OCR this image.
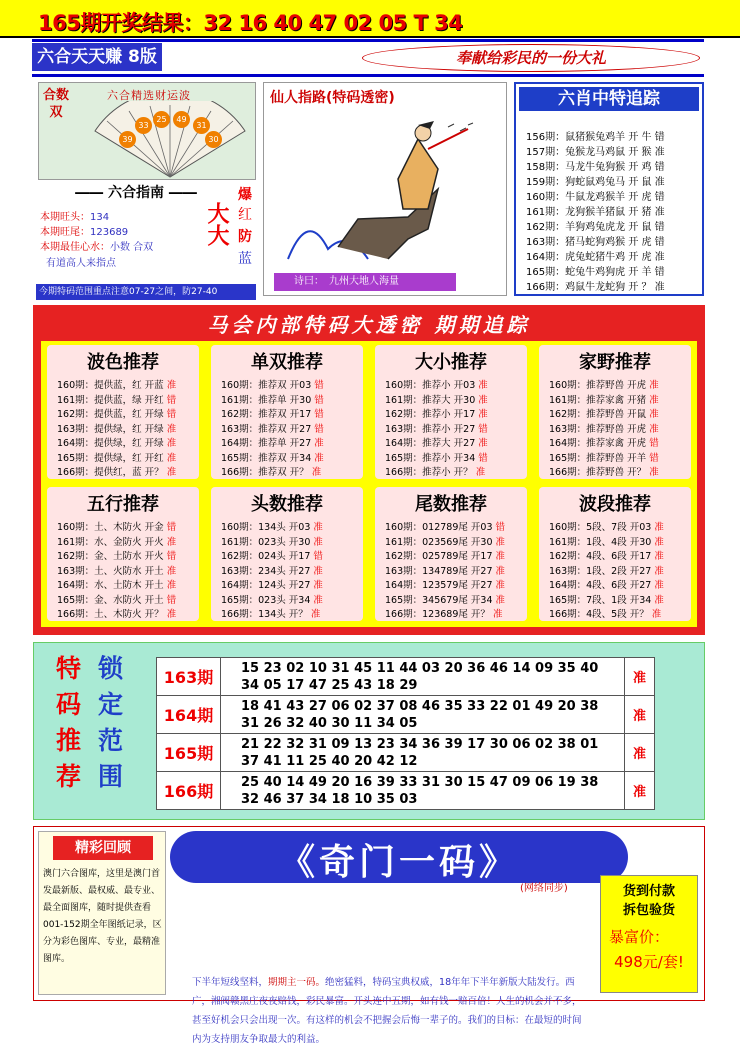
165期开奖结果：32 16 40 47 02 05 T 34
六合天天赚 8版	奉献给彩民的一份大礼
合数双
六合精选财运波
33
25	49
31
39	30
―― 六合指南 ――
本期旺头：134
本期旺尾：123689
本期最佳心水：小数 合双
有道高人来指点
大大
爆
红
防
蓝
今期特码范围重点注意07-27之间，防27-40
仙人指路(特码透密)
诗曰：　 九州大地人海量
六肖中特追踪
156期：鼠猪猴兔鸡羊 开 牛 错
157期：兔猴龙马鸡鼠 开 猴 准
158期：马龙牛兔狗猴 开 鸡 错
159期：狗蛇鼠鸡兔马 开 鼠 准
160期：牛鼠龙鸡猴羊 开 虎 错
161期：龙狗猴羊猪鼠 开 猪 准
162期：羊狗鸡兔虎龙 开 鼠 错
163期：猪马蛇狗鸡猴 开 虎 错
164期：虎兔蛇猪牛鸡 开 虎 准
165期：蛇兔牛鸡狗虎 开 羊 错
166期：鸡鼠牛龙蛇狗 开 ？ 准
马会内部特码大透密 期期追踪
波色推荐
160期：提供蓝，红 开蓝 准
161期：提供蓝，绿 开红 错
162期：提供蓝，红 开绿 错
163期：提供绿，红 开绿 准
164期：提供绿，红 开绿 准
165期：提供绿，红 开红 准
166期：提供红，蓝 开？ 准
单双推荐
160期：推荐双 开03 错
161期：推荐单 开30 错
162期：推荐双 开17 错
163期：推荐双 开27 错
164期：推荐单 开27 准
165期：推荐双 开34 准
166期：推荐双 开？ 准
大小推荐
160期：推荐小 开03 准
161期：推荐大 开30 准
162期：推荐小 开17 准
163期：推荐小 开27 错
164期：推荐大 开27 准
165期：推荐小 开34 错
166期：推荐小 开？ 准
家野推荐
160期：推荐野兽 开虎 准
161期：推荐家禽 开猪 准
162期：推荐野兽 开鼠 准
163期：推荐野兽 开虎 准
164期：推荐家禽 开虎 错
165期：推荐野兽 开羊 错
166期：推荐野兽 开？ 准
五行推荐
160期：土、木防火 开金 错
161期：水、金防火 开火 准
162期：金、土防水 开火 错
163期：土、火防水 开土 准
164期：水、土防木 开土 准
165期：金、水防火 开土 错
166期：土、木防火 开？ 准
头数推荐
160期：134头 开03 准
161期：023头 开30 准
162期：024头 开17 错
163期：234头 开27 准
164期：124头 开27 准
165期：023头 开34 准
166期：134头 开？ 准
尾数推荐
160期：012789尾 开03 错
161期：023569尾 开30 准
162期：025789尾 开17 准
163期：134789尾 开27 准
164期：123579尾 开27 准
165期：345679尾 开34 准
166期：123689尾 开？ 准
波段推荐
160期：5段、7段 开03 准
161期：1段、4段 开30 准
162期：4段、6段 开17 准
163期：1段、2段 开27 准
164期：4段、6段 开27 准
165期：7段、1段 开34 准
166期：4段、5段 开？ 准
特
码
推
荐
锁
定
范
围
163期	15 23 02 10 31 45 11 44 03 20 36 46 14 09 35 40
34 05 17 47 25 43 18 29	准
164期	18 41 43 27 06 02 37 08 46 35 33 22 01 49 20 38
31 26 32 40 30 11 34 05	准
165期	21 22 32 31 09 13 23 34 36 39 17 30 06 02 38 01
37 41 11 25 40 20 42 12	准
166期	25 40 14 49 20 16 39 33 31 30 15 47 09 06 19 38
32 46 37 34 18 10 35 03	准
精彩回顾
澳门六合图库，这里是澳门首发最新版、最权威、最专业、最全面图库，随时提供查看001-152期全年图纸记录，区分为彩色图库、专业，最精准图库。
《奇门一码》
(网络同步)
下半年短线坚料，期期主一码。绝密猛料，特码宝典权威，18年年下半年新版大陆发行。西广，湘阀赣黑庄夜夜赔钱，彩民暴富。开头连中五期，如有钱一赔百倍！人生的机会并不多，甚至好机会只会出现一次。有这样的机会不把握会后悔一辈子的。我们的目标：在最短的时间内为支持朋友争取最大的利益。
货到付款
拆包验货
暴富价：
498元/套!
